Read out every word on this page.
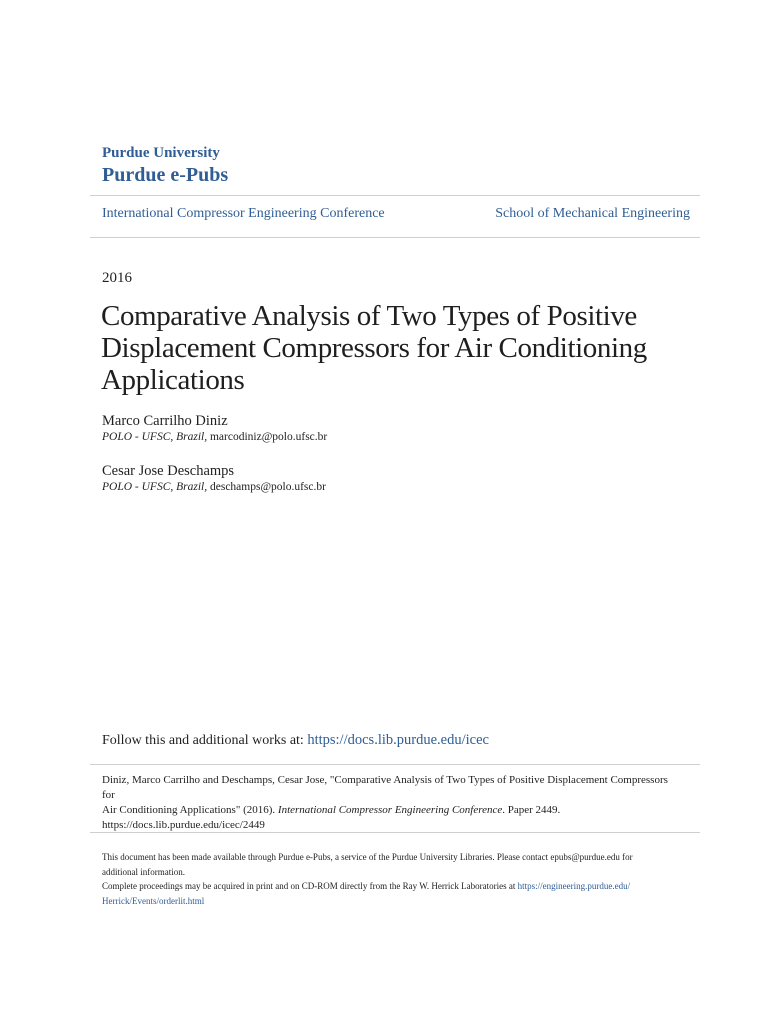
Purdue University
Purdue e-Pubs
International Compressor Engineering Conference	School of Mechanical Engineering
2016
Comparative Analysis of Two Types of Positive
Displacement Compressors for Air Conditioning
Applications
Marco Carrilho Diniz
POLO - UFSC, Brazil, marcodiniz@polo.ufsc.br
Cesar Jose Deschamps
POLO - UFSC, Brazil, deschamps@polo.ufsc.br
Follow this and additional works at: https://docs.lib.purdue.edu/icec
Diniz, Marco Carrilho and Deschamps, Cesar Jose, "Comparative Analysis of Two Types of Positive Displacement Compressors for
Air Conditioning Applications" (2016). International Compressor Engineering Conference. Paper 2449.
https://docs.lib.purdue.edu/icec/2449
This document has been made available through Purdue e-Pubs, a service of the Purdue University Libraries. Please contact epubs@purdue.edu for
additional information.
Complete proceedings may be acquired in print and on CD-ROM directly from the Ray W. Herrick Laboratories at https://engineering.purdue.edu/
Herrick/Events/orderlit.html
